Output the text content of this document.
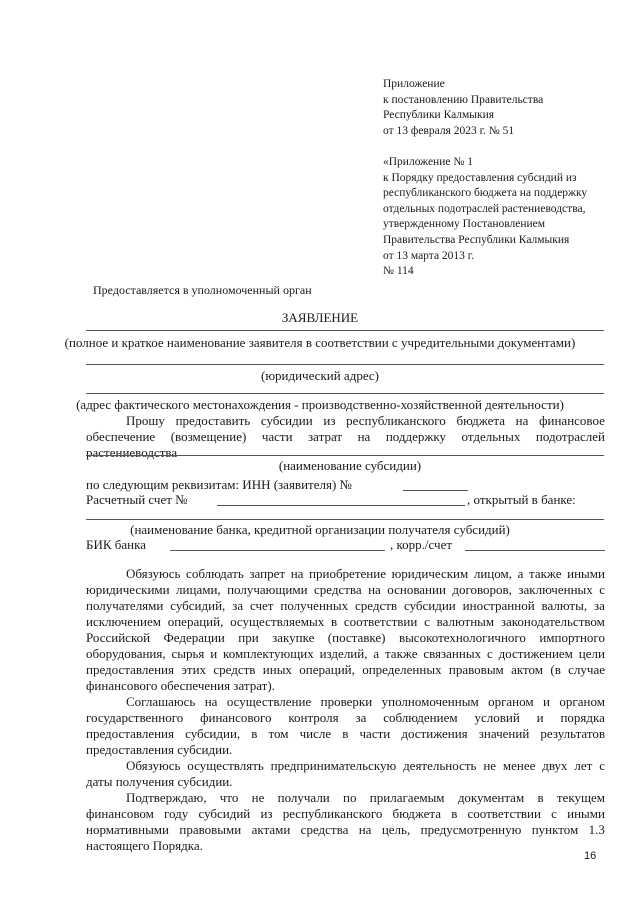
Приложение
к постановлению Правительства
Республики Калмыкия
от 13 февраля 2023 г. № 51
«Приложение № 1
к Порядку предоставления субсидий из
республиканского бюджета на поддержку
отдельных подотраслей растениеводства,
утвержденному Постановлением
Правительства Республики Калмыкия
от 13 марта 2013 г.
№ 114
Предоставляется в уполномоченный орган
ЗАЯВЛЕНИЕ
(полное и краткое наименование заявителя в соответствии с учредительными документами)
(юридический адрес)
(адрес фактического местонахождения - производственно-хозяйственной деятельности)
Прошу предоставить субсидии из республиканского бюджета на финансовое
обеспечение (возмещение) части затрат на поддержку отдельных подотраслей
растениеводства
(наименование субсидии)
по следующим реквизитам: ИНН (заявителя) №
Расчетный счет №	, открытый в банке:
(наименование банка, кредитной организации получателя субсидий)
БИК банка	, корр./счет
Обязуюсь соблюдать запрет на приобретение юридическим лицом, а также иными
юридическими лицами, получающими средства на основании договоров, заключенных с
получателями субсидий, за счет полученных средств субсидии иностранной валюты, за
исключением операций, осуществляемых в соответствии с валютным законодательством
Российской Федерации при закупке (поставке) высокотехнологичного импортного
оборудования, сырья и комплектующих изделий, а также связанных с достижением цели
предоставления этих средств иных операций, определенных правовым актом (в случае
финансового обеспечения затрат).
Соглашаюсь на осуществление проверки уполномоченным органом и органом
государственного финансового контроля за соблюдением условий и порядка
предоставления субсидии, в том числе в части достижения значений результатов
предоставления субсидии.
Обязуюсь осуществлять предпринимательскую деятельность не менее двух лет с
даты получения субсидии.
Подтверждаю, что не получали по прилагаемым документам в текущем
финансовом году субсидий из республиканского бюджета в соответствии с иными
нормативными правовыми актами средства на цель, предусмотренную пунктом 1.3
настоящего Порядка.
16
